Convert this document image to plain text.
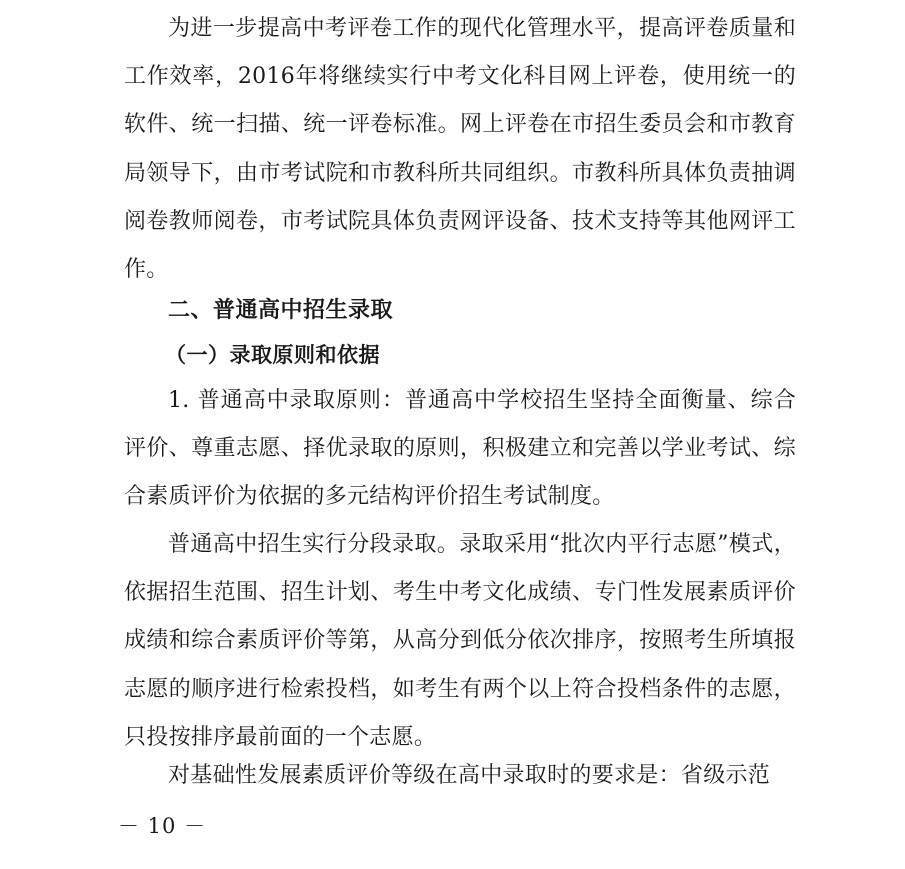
为进一步提高中考评卷工作的现代化管理水平，提高评卷质量和工作效率，2016年将继续实行中考文化科目网上评卷，使用统一的软件、统一扫描、统一评卷标准。网上评卷在市招生委员会和市教育局领导下，由市考试院和市教科所共同组织。市教科所具体负责抽调阅卷教师阅卷，市考试院具体负责网评设备、技术支持等其他网评工作。

二、普通高中招生录取
（一）录取原则和依据

1. 普通高中录取原则：普通高中学校招生坚持全面衡量、综合评价、尊重志愿、择优录取的原则，积极建立和完善以学业考试、综合素质评价为依据的多元结构评价招生考试制度。

普通高中招生实行分段录取。录取采用“批次内平行志愿”模式，依据招生范围、招生计划、考生中考文化成绩、专门性发展素质评价成绩和综合素质评价等第，从高分到低分依次排序，按照考生所填报志愿的顺序进行检索投档，如考生有两个以上符合投档条件的志愿，只投按排序最前面的一个志愿。

对基础性发展素质评价等级在高中录取时的要求是：省级示范

－ 10 －
